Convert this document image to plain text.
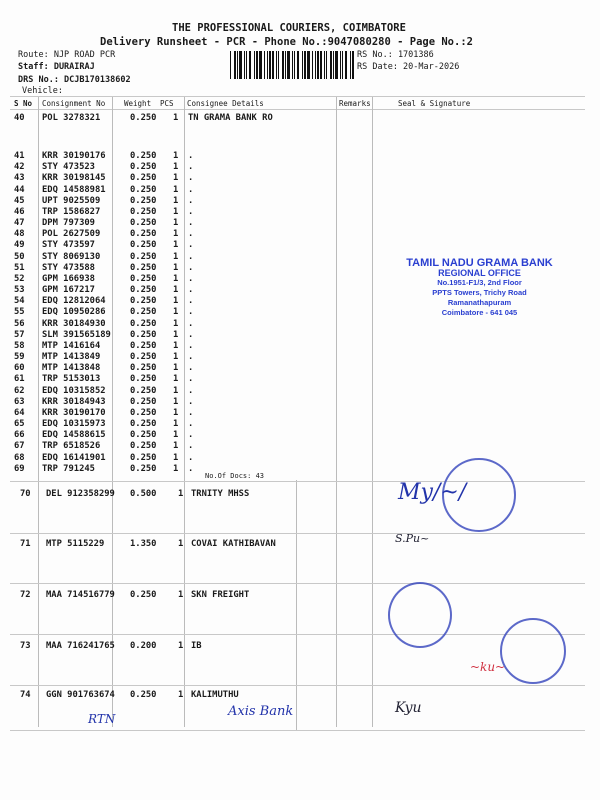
THE PROFESSIONAL COURIERS, COIMBATORE
Delivery Runsheet - PCR - Phone No.:9047080280 - Page No.:2
Route: NJP ROAD PCR
Staff: DURAIRAJ
DRS No.: DCJB170138602
Vehicle:
RS No.: 1701386
RS Date: 20-Mar-2026
S No Consignment No	Weight PCS Consignee Details	Remarks	Seal & Signature
40 POL 3278321	0.250 1 TN GRAMA BANK RO
41 KRR 30190176	0.250 1 .
42 STY 473523	0.250 1 .
43 KRR 30198145	0.250 1 .
44 EDQ 14588981	0.250 1 .
45 UPT 9025509	0.250 1 .
46 TRP 1586827	0.250 1 .
47 DPM 797309	0.250 1 .
48 POL 2627509	0.250 1 .
49 STY 473597	0.250 1 .
50 STY 8069130	0.250 1 .
51 STY 473588	0.250 1 .
52 GPM 166938	0.250 1 .
53 GPM 167217	0.250 1 .
54 EDQ 12812064	0.250 1 .
55 EDQ 10950286	0.250 1 .
56 KRR 30184930	0.250 1 .
57 SLM 391565189 0.250 1 .
58 MTP 1416164	0.250 1 .
59 MTP 1413849	0.250 1 .
60 MTP 1413848	0.250 1 .
61 TRP 5153013	0.250 1 .
62 EDQ 10315852	0.250 1 .
63 KRR 30184943	0.250 1 .
64 KRR 30190170	0.250 1 .
65 EDQ 10315973	0.250 1 .
66 EDQ 14588615	0.250 1 .
67 TRP 6518526	0.250 1 .
68 EDQ 16141901	0.250 1 .
69 TRP 791245	0.250 1 .
No.Of Docs: 43
70 DEL 912358299 0.500 1 TRNITY MHSS
71 MTP 5115229	1.350 1 COVAI KATHIBAVAN
72 MAA 714516779 0.250 1 SKN FREIGHT
73 MAA 716241765 0.200 1 IB
74 GGN 901763674 0.250 1 KALIMUTHU
TAMIL NADU GRAMA BANK
REGIONAL OFFICE
No.1951-F1/3, 2nd Floor
PPTS Towers, Trichy Road
Ramanathapuram
Coimbatore - 641 045
My/~/
S.Pu~
~ku~
Kyu
RTN	Axis Bank
